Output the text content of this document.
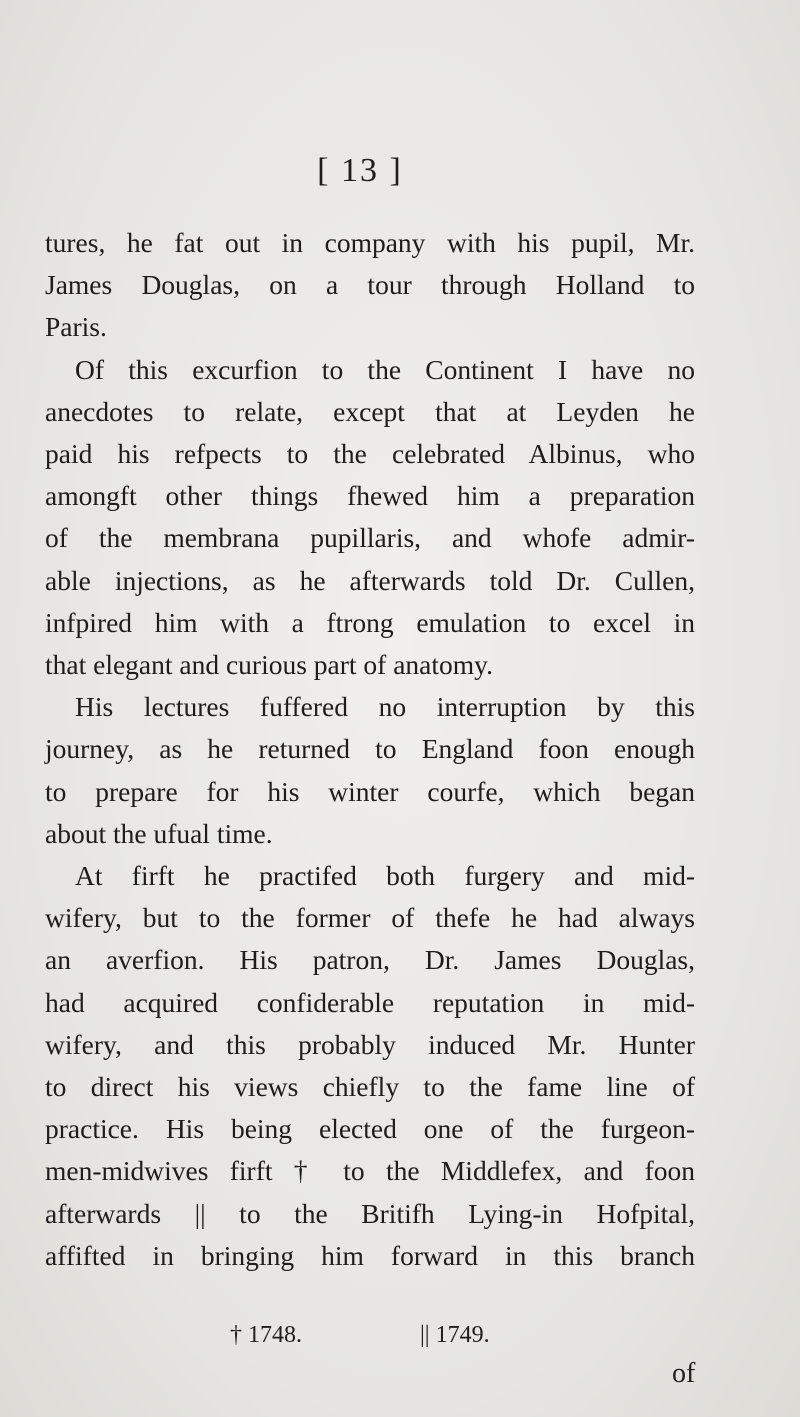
[ 13 ]
tures, he fat out in company with his pupil, Mr.
James Douglas, on a tour through Holland to
Paris.
Of this excurfion to the Continent I have no
anecdotes to relate, except that at Leyden he
paid his refpects to the celebrated Albinus, who
amongft other things fhewed him a preparation
of the membrana pupillaris, and whofe admir-
able injections, as he afterwards told Dr. Cullen,
infpired him with a ftrong emulation to excel in
that elegant and curious part of anatomy.
His lectures fuffered no interruption by this
journey, as he returned to England foon enough
to prepare for his winter courfe, which began
about the ufual time.
At firft he practifed both furgery and mid-
wifery, but to the former of thefe he had always
an averfion. His patron, Dr. James Douglas,
had acquired confiderable reputation in mid-
wifery, and this probably induced Mr. Hunter
to direct his views chiefly to the fame line of
practice. His being elected one of the furgeon-
men-midwives firft † to the Middlefex, and foon
afterwards || to the Britifh Lying-in Hofpital,
affifted in bringing him forward in this branch
† 1748.	|| 1749.
of
